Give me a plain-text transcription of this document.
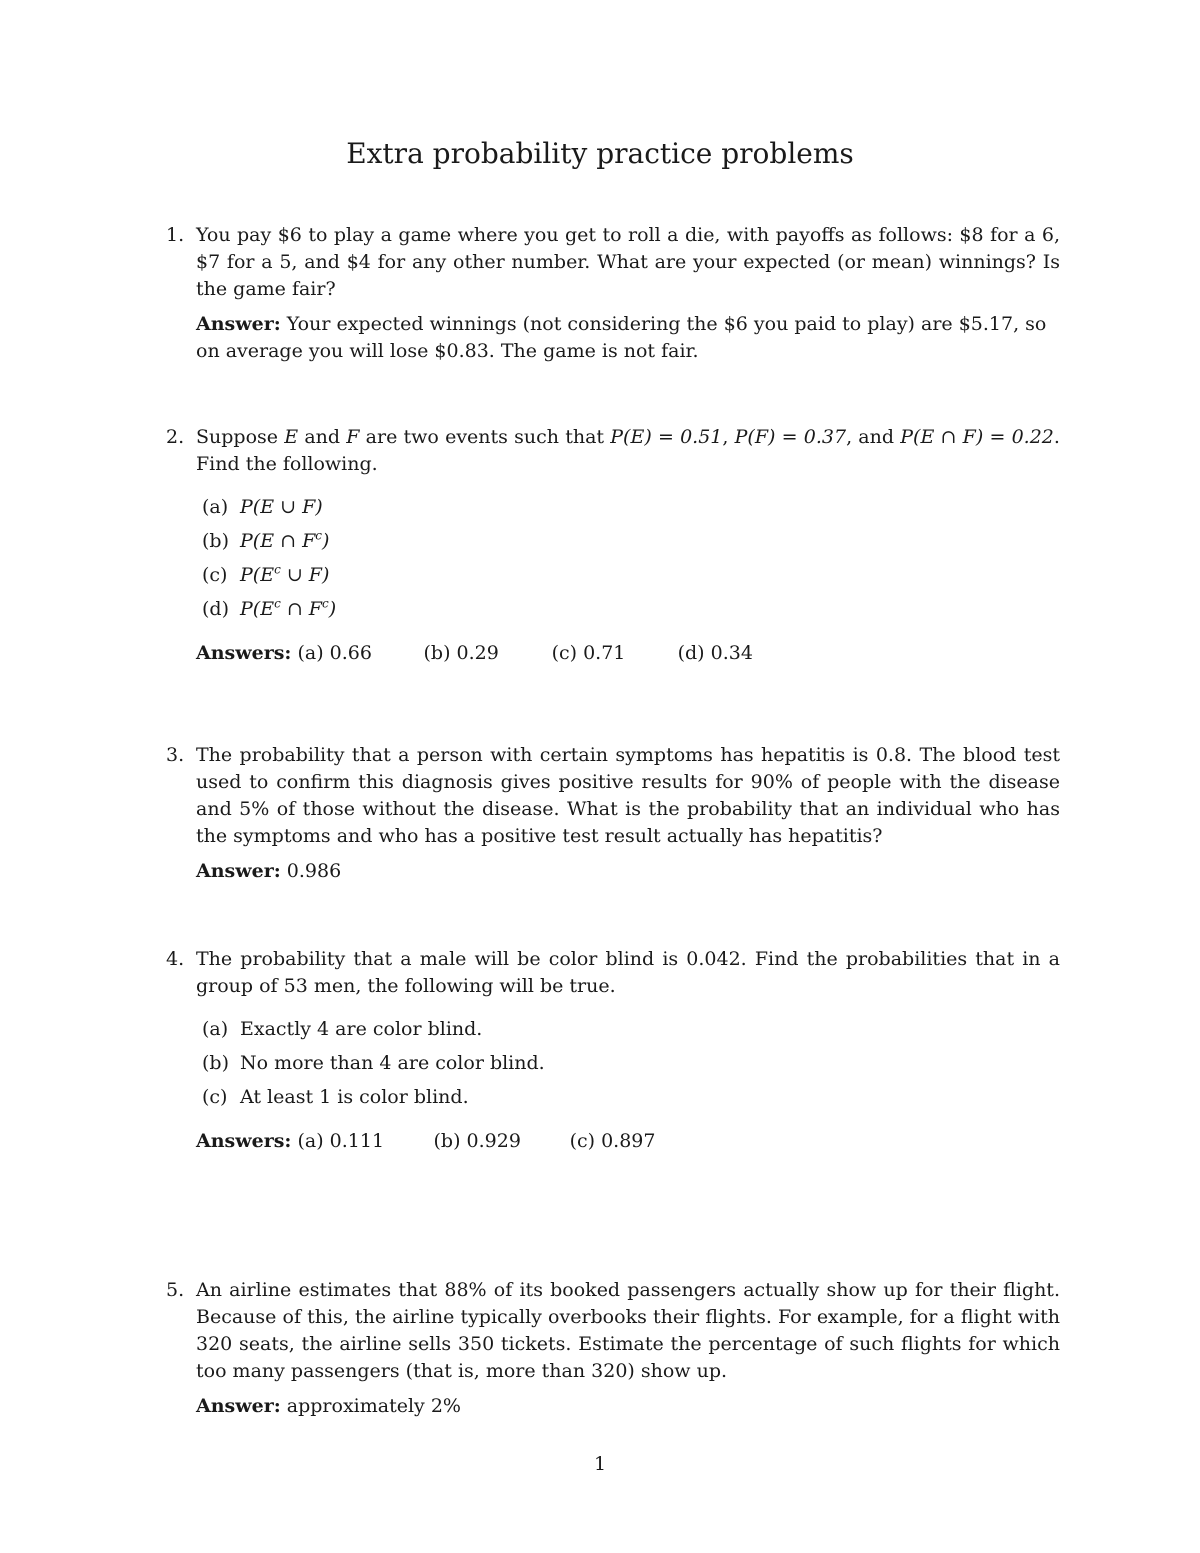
Extra probability practice problems
1. You pay $6 to play a game where you get to roll a die, with payoffs as follows: $8 for a 6, $7 for a 5, and $4 for any other number. What are your expected (or mean) winnings? Is the game fair?
Answer: Your expected winnings (not considering the $6 you paid to play) are $5.17, so on average you will lose $0.83. The game is not fair.
2. Suppose E and F are two events such that P(E) = 0.51, P(F) = 0.37, and P(E ∩ F) = 0.22. Find the following.
(a) P(E ∪ F)
(b) P(E ∩ $F^c$)
(c) $P(E^c$ ∪ F)
(d) $P(E^c$ ∩ $F^c$)
Answers: (a) 0.66	(b) 0.29	(c) 0.71	(d) 0.34
3. The probability that a person with certain symptoms has hepatitis is 0.8. The blood test used to confirm this diagnosis gives positive results for 90% of people with the disease and 5% of those without the disease. What is the probability that an individual who has the symptoms and who has a positive test result actually has hepatitis?
Answer: 0.986
4. The probability that a male will be color blind is 0.042. Find the probabilities that in a group of 53 men, the following will be true.
(a) Exactly 4 are color blind.
(b) No more than 4 are color blind.
(c) At least 1 is color blind.
Answers: (a) 0.111	(b) 0.929	(c) 0.897
5. An airline estimates that 88% of its booked passengers actually show up for their flight. Because of this, the airline typically overbooks their flights. For example, for a flight with 320 seats, the airline sells 350 tickets. Estimate the percentage of such flights for which too many passengers (that is, more than 320) show up.
Answer: approximately 2%
1
